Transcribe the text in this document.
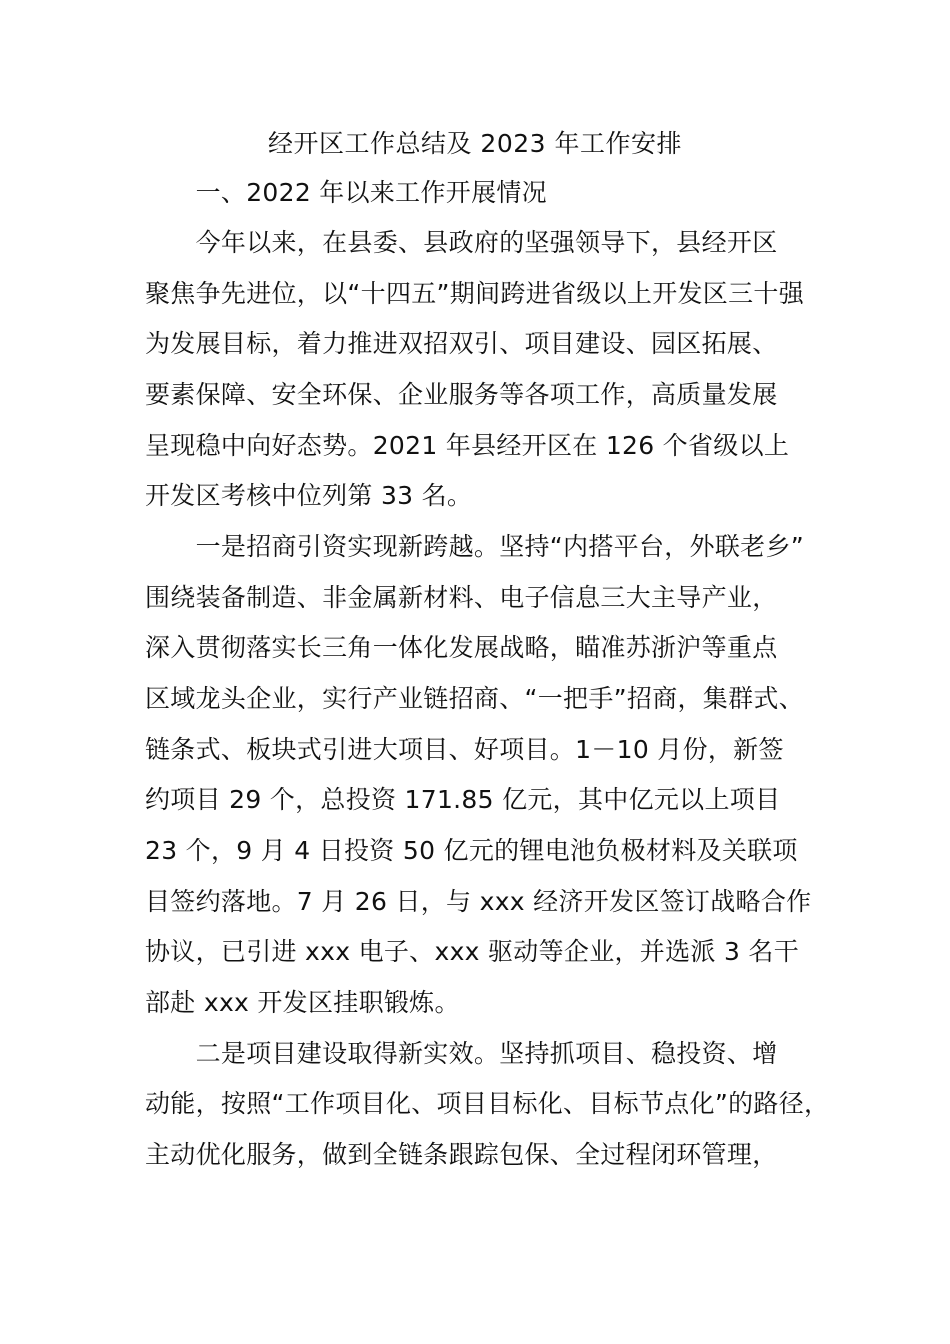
经开区工作总结及 2023 年工作安排
　　一、2022 年以来工作开展情况
　　今年以来，在县委、县政府的坚强领导下，县经开区
聚焦争先进位，以“十四五”期间跨进省级以上开发区三十强
为发展目标，着力推进双招双引、项目建设、园区拓展、
要素保障、安全环保、企业服务等各项工作，高质量发展
呈现稳中向好态势。2021 年县经开区在 126 个省级以上
开发区考核中位列第 33 名。
　　一是招商引资实现新跨越。坚持“内搭平台，外联老乡”
围绕装备制造、非金属新材料、电子信息三大主导产业，
深入贯彻落实长三角一体化发展战略，瞄准苏浙沪等重点
区域龙头企业，实行产业链招商、“一把手”招商，集群式、
链条式、板块式引进大项目、好项目。1－10 月份，新签
约项目 29 个，总投资 171.85 亿元，其中亿元以上项目
23 个，9 月 4 日投资 50 亿元的锂电池负极材料及关联项
目签约落地。7 月 26 日，与 xxx 经济开发区签订战略合作
协议，已引进 xxx 电子、xxx 驱动等企业，并选派 3 名干
部赴 xxx 开发区挂职锻炼。
　　二是项目建设取得新实效。坚持抓项目、稳投资、增
动能，按照“工作项目化、项目目标化、目标节点化”的路径，
主动优化服务，做到全链条跟踪包保、全过程闭环管理，
